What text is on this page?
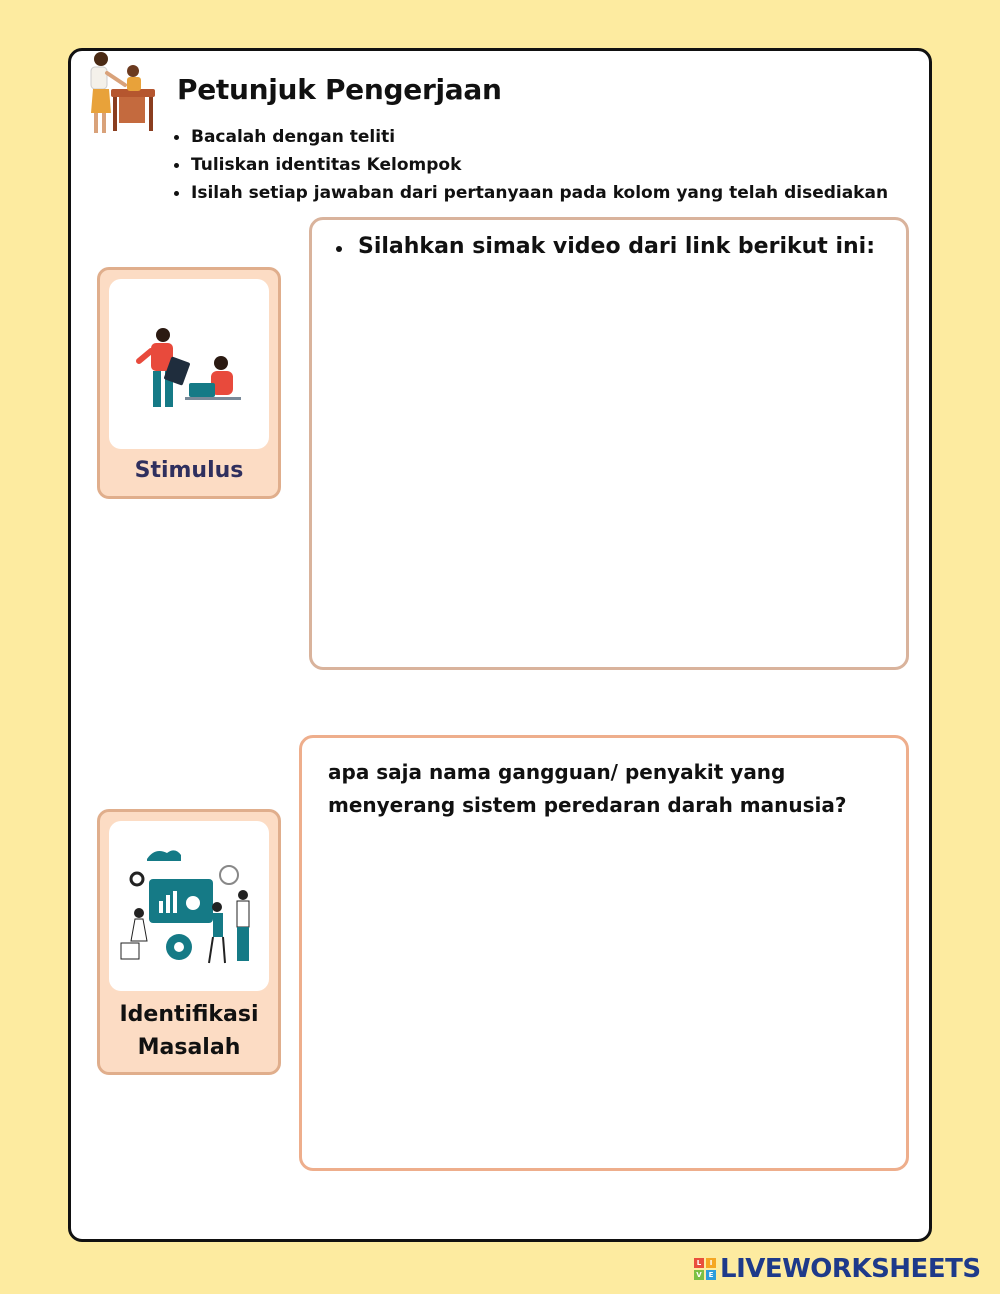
Petunjuk Pengerjaan
Bacalah dengan teliti
Tuliskan identitas Kelompok
Isilah setiap jawaban dari pertanyaan pada kolom yang telah disediakan
Stimulus
Silahkan simak video dari link berikut ini:
apa saja nama gangguan/ penyakit yang
menyerang sistem peredaran darah manusia?
Identifikasi
Masalah
L	I
V E LIVEWORKSHEETS
